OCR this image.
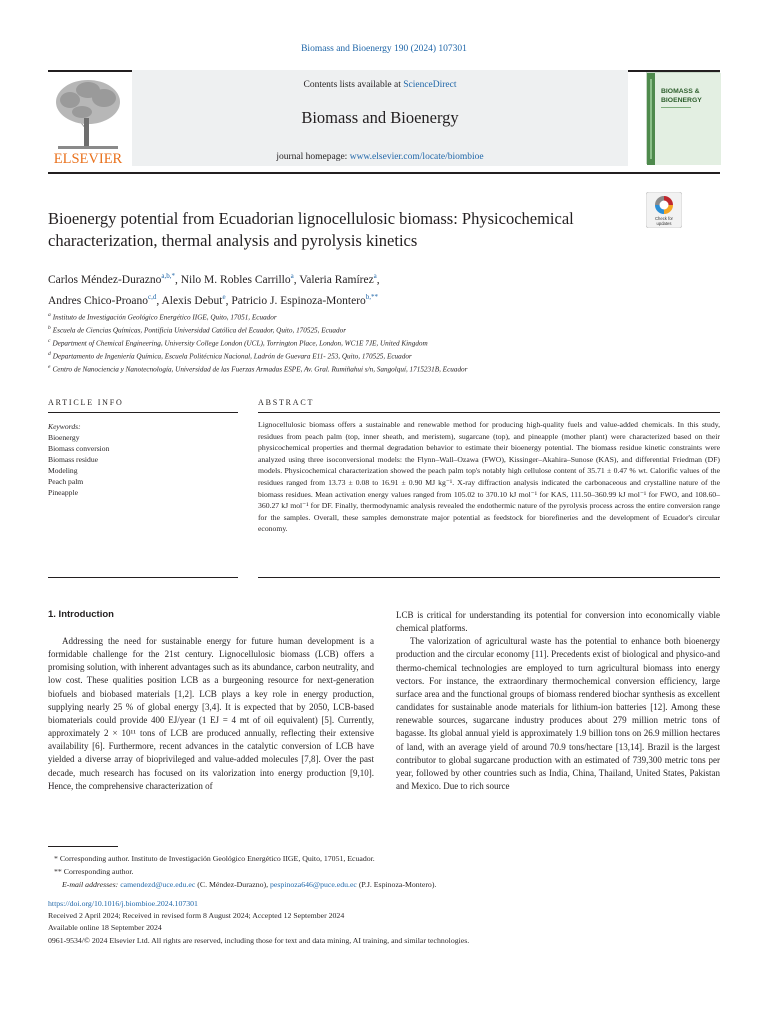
Biomass and Bioenergy 190 (2024) 107301
ELSEVIER
Contents lists available at ScienceDirect
Biomass and Bioenergy
journal homepage: www.elsevier.com/locate/biombioe
BIOMASS &
BIOENERGY
Check for
updates
Bioenergy potential from Ecuadorian lignocellulosic biomass: Physicochemical characterization, thermal analysis and pyrolysis kinetics
Carlos Méndez-Durazno$^{a,b,*}$, Nilo M. Robles Carrillo$^a$, Valeria Ramírez$^a$,
Andres Chico-Proano$^{c,d}$, Alexis Debut$^e$, Patricio J. Espinoza-Montero$^{b,**}$
$^a$ Instituto de Investigación Geológico Energético IIGE, Quito, 17051, Ecuador
$^b$ Escuela de Ciencias Químicas, Pontificia Universidad Católica del Ecuador, Quito, 170525, Ecuador
$^c$ Department of Chemical Engineering, University College London (UCL), Torrington Place, London, WC1E 7JE, United Kingdom
$^d$ Departamento de Ingeniería Química, Escuela Politécnica Nacional, Ladrón de Guevara E11- 253, Quito, 170525, Ecuador
$^e$ Centro de Nanociencia y Nanotecnología, Universidad de las Fuerzas Armadas ESPE, Av. Gral. Rumiñahui s/n, Sangolquí, 1715231B, Ecuador
ARTICLE INFO	ABSTRACT
Keywords:
Bioenergy
Biomass conversion
Biomass residue
Modeling
Peach palm
Pineapple
Lignocellulosic biomass offers a sustainable and renewable method for producing high-quality fuels and value-added chemicals. In this study, residues from peach palm (top, inner sheath, and meristem), sugarcane (top), and pineapple (mother plant) were characterized based on their physicochemical properties and thermal degradation behavior to estimate their bioenergy potential. The biomass residue kinetic constraints were analyzed using three isoconversional models: the Flynn–Wall–Ozawa (FWO), Kissinger–Akahira–Sunose (KAS), and differential Friedman (DF) models. Physicochemical characterization showed the peach palm top's notably high cellulose content of 35.71 ± 0.47 % wt. Calorific values of the residues ranged from 13.73 ± 0.08 to 16.91 ± 0.90 MJ kg⁻¹. X-ray diffraction analysis indicated the carbonaceous and crystalline nature of the biomass residues. Mean activation energy values ranged from 105.02 to 370.10 kJ mol⁻¹ for KAS, 111.50–360.99 kJ mol⁻¹ for FWO, and 108.60–360.27 kJ mol⁻¹ for DF. Finally, thermodynamic analysis revealed the endothermic nature of the pyrolysis process across the entire conversion range for the samples. Overall, these samples demonstrate major potential as feedstock for biorefineries and the development of Ecuador's circular economy.
1. Introduction
Addressing the need for sustainable energy for future human development is a formidable challenge for the 21st century. Lignocellulosic biomass (LCB) offers a promising solution, with inherent advantages such as its abundance, carbon neutrality, and low cost. These qualities position LCB as a burgeoning resource for next-generation biofuels and biobased materials [1,2]. LCB plays a key role in energy production, supplying nearly 25 % of global energy [3,4]. It is expected that by 2050, LCB-based biomaterials could provide 400 EJ/year (1 EJ = 4 mt of oil equivalent) [5]. Currently, approximately 2 × 10¹¹ tons of LCB are produced annually, reflecting their extensive availability [6]. Furthermore, recent advances in the catalytic conversion of LCB have yielded a diverse array of bioprivileged and value-added molecules [7,8]. Over the past decade, much research has focused on its valorization into energy production [9,10]. Hence, the comprehensive characterization of
LCB is critical for understanding its potential for conversion into economically viable chemical platforms.
The valorization of agricultural waste has the potential to enhance both bioenergy production and the circular economy [11]. Precedents exist of biological and physico-and thermo-chemical technologies are employed to turn agricultural biomass into energy vectors. For instance, the extraordinary thermochemical conversion efficiency, large surface area and the functional groups of biomass rendered biochar synthesis as excellent candidates for sustainable anode materials for lithium-ion batteries [12]. Among these renewable sources, sugarcane industry produces about 279 million metric tons of bagasse. Its global annual yield is approximately 1.9 billion tons on 26.9 million hectares of land, with an average yield of around 70.9 tons/hectare [13,14]. Brazil is the largest contributor to global sugarcane production with an estimated of 739,300 metric tons per year, followed by other countries such as India, China, Thailand, United States, Pakistan and Mexico. Due to rich source
* Corresponding author. Instituto de Investigación Geológico Energético IIGE, Quito, 17051, Ecuador.
** Corresponding author.
E-mail addresses: camendezd@uce.edu.ec (C. Méndez-Durazno), pespinoza646@puce.edu.ec (P.J. Espinoza-Montero).
https://doi.org/10.1016/j.biombioe.2024.107301
Received 2 April 2024; Received in revised form 8 August 2024; Accepted 12 September 2024
Available online 18 September 2024
0961-9534/© 2024 Elsevier Ltd. All rights are reserved, including those for text and data mining, AI training, and similar technologies.
